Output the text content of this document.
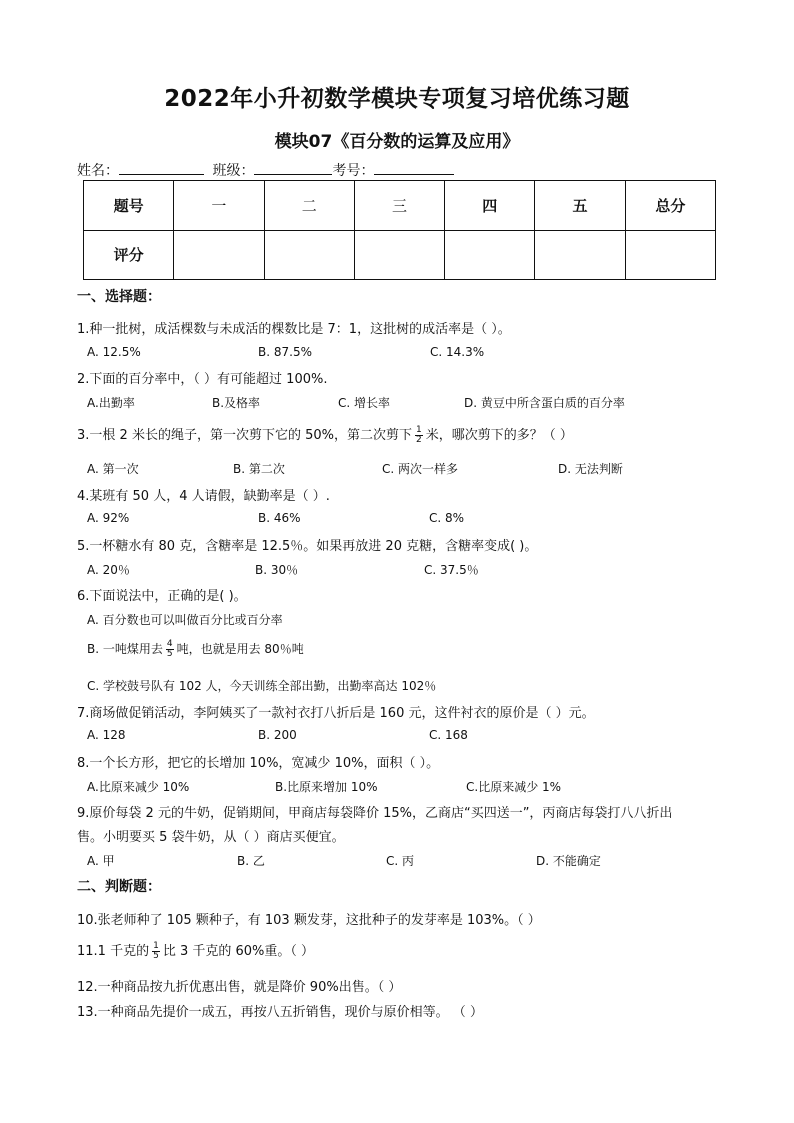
2022年小升初数学模块专项复习培优练习题
模块07《百分数的运算及应用》
姓名：	班级：	考号：
题号	一	二	三	四	五	总分
评分						
一、选择题：
1.种一批树，成活棵数与未成活的棵数比是 7：1，这批树的成活率是（ ）。
A. 12.5%	B. 87.5%	C. 14.3%
2.下面的百分率中，（ ）有可能超过 100%.
A.出勤率	B.及格率	C. 增长率	D. 黄豆中所含蛋白质的百分率
3.一根 2 米长的绳子，第一次剪下它的 50%，第二次剪下 $\frac{1}{2}$ 米，哪次剪下的多？（ ）
A. 第一次	B. 第二次	C. 两次一样多	D. 无法判断
4.某班有 50 人，4 人请假，缺勤率是（ ）.
A. 92%	B. 46%	C. 8%
5.一杯糖水有 80 克，含糖率是 12.5％。如果再放进 20 克糖，含糖率变成( )。
A. 20％	B. 30％	C. 37.5％
6.下面说法中，正确的是( )。
A. 百分数也可以叫做百分比或百分率
B. 一吨煤用去 $\frac{4}{5}$ 吨，也就是用去 80％吨
C. 学校鼓号队有 102 人，今天训练全部出勤，出勤率高达 102％
7.商场做促销活动，李阿姨买了一款衬衣打八折后是 160 元，这件衬衣的原价是（ ）元。
A. 128	B. 200	C. 168
8.一个长方形，把它的长增加 10%，宽减少 10%，面积（ ）。
A.比原来减少 10%	B.比原来增加 10%	C.比原来减少 1%
9.原价每袋 2 元的牛奶，促销期间，甲商店每袋降价 15%，乙商店“买四送一”，丙商店每袋打八八折出
售。小明要买 5 袋牛奶，从（ ）商店买便宜。
A. 甲	B. 乙	C. 丙	D. 不能确定
二、判断题：
10.张老师种了 105 颗种子，有 103 颗发芽，这批种子的发芽率是 103%。（ ）
11.1 千克的 $\frac{1}{5}$ 比 3 千克的 60%重。（ ）
12.一种商品按九折优惠出售，就是降价 90%出售。（ ）
13.一种商品先提价一成五，再按八五折销售，现价与原价相等。 （ ）
